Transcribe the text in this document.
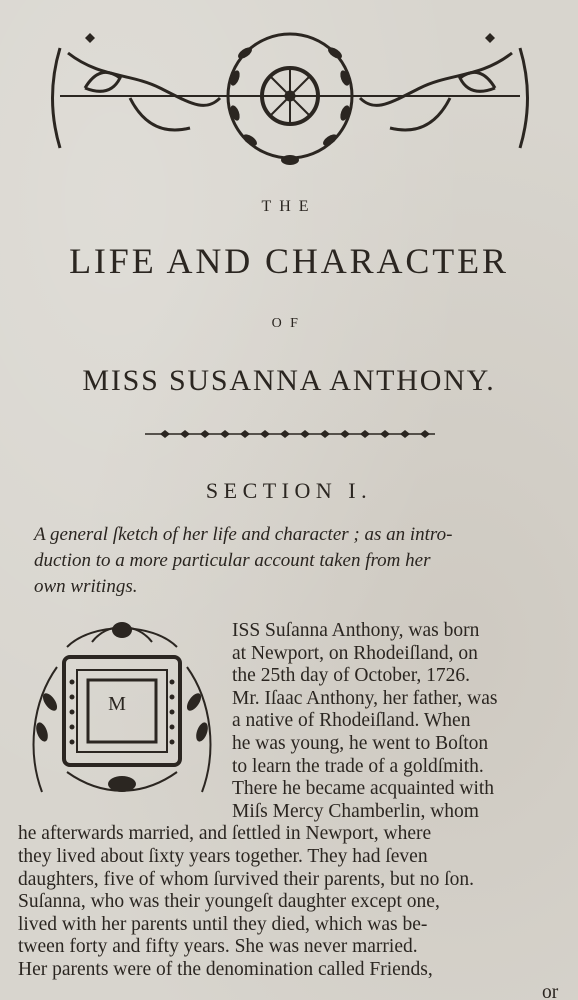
THE
LIFE AND CHARACTER
OF
MISS SUSANNA ANTHONY.
SECTION I.
A general ſketch of her life and character ; as an intro-
duction to a more particular account taken from her
own writings.
M
ISS Suſanna Anthony, was born
at Newport, on Rhodeiſland, on
the 25th day of October, 1726.
Mr. Iſaac Anthony, her father, was
a native of Rhodeiſland. When
he was young, he went to Boſton
to learn the trade of a goldſmith.
There he became acquainted with
Miſs Mercy Chamberlin, whom
he afterwards married, and ſettled in Newport, where
they lived about ſixty years together. They had ſeven
daughters, five of whom ſurvived their parents, but no ſon.
Suſanna, who was their youngeſt daughter except one,
lived with her parents until they died, which was be-
tween forty and fifty years. She was never married.
Her parents were of the denomination called Friends,
or
